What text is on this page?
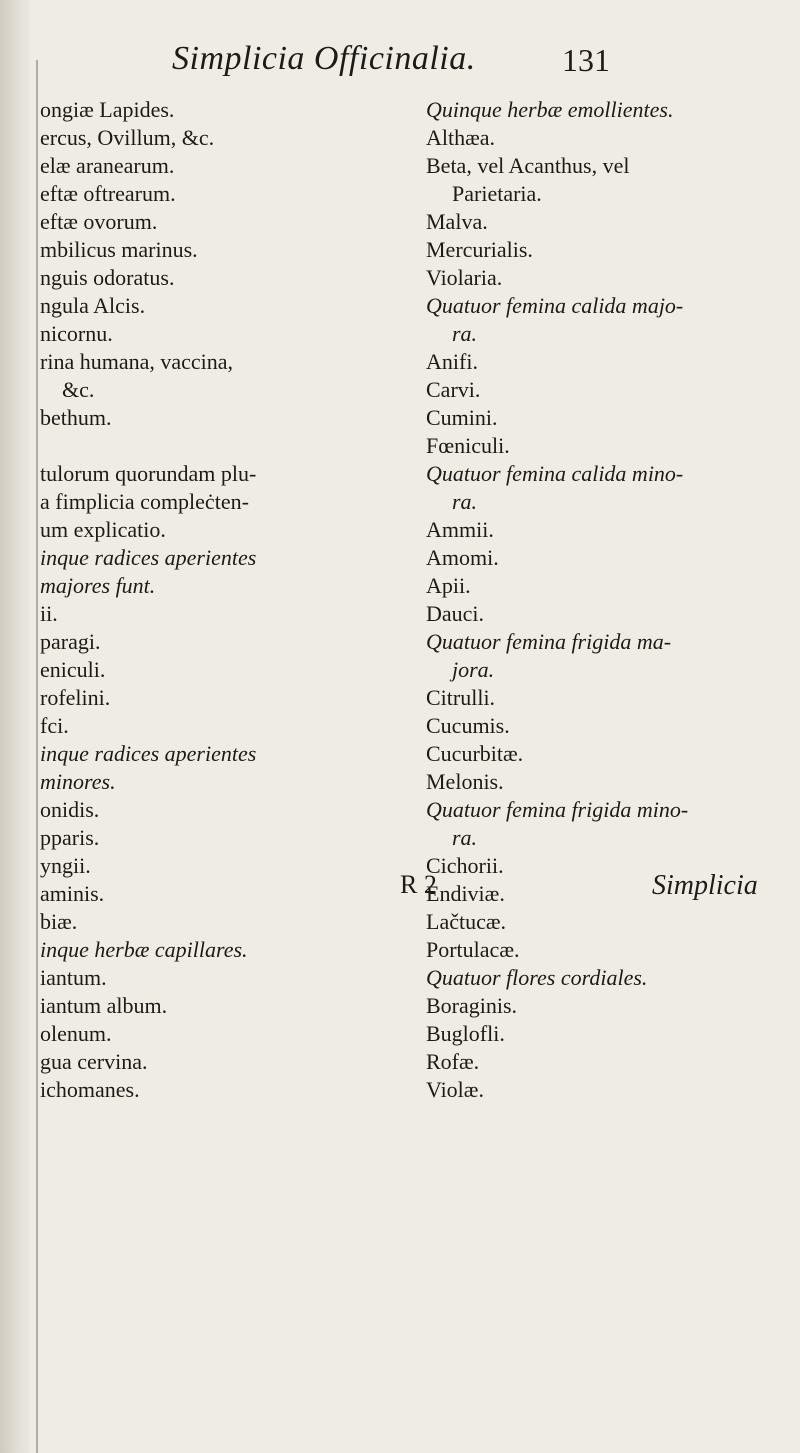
Simplicia Officinalia.	131
ongiæ Lapides.
ercus, Ovillum, &c.
elæ aranearum.
eftæ oftrearum.
eftæ ovorum.
mbilicus marinus.
nguis odoratus.
ngula Alcis.
nicornu.
rina humana, vaccina,
&c.
bethum.
tulorum quorundam plu-
a fimplicia compleċten-
um explicatio.
inque radices aperientes
majores funt.
ii.
paragi.
eniculi.
rofelini.
fci.
inque radices aperientes
minores.
onidis.
pparis.
yngii.
aminis.
biæ.
inque herbæ capillares.
iantum.
iantum album.
olenum.
gua cervina.
ichomanes.
Quinque herbæ emollientes.
Althæa.
Beta, vel Acanthus, vel
Parietaria.
Malva.
Mercurialis.
Violaria.
Quatuor femina calida majo-
ra.
Anifi.
Carvi.
Cumini.
Fœniculi.
Quatuor femina calida mino-
ra.
Ammii.
Amomi.
Apii.
Dauci.
Quatuor femina frigida ma-
jora.
Citrulli.
Cucumis.
Cucurbitæ.
Melonis.
Quatuor femina frigida mino-
ra.
Cichorii.
Endiviæ.
Lačtucæ.
Portulacæ.
Quatuor flores cordiales.
Boraginis.
Buglofli.
Rofæ.
Violæ.
R 2	Simplicia
